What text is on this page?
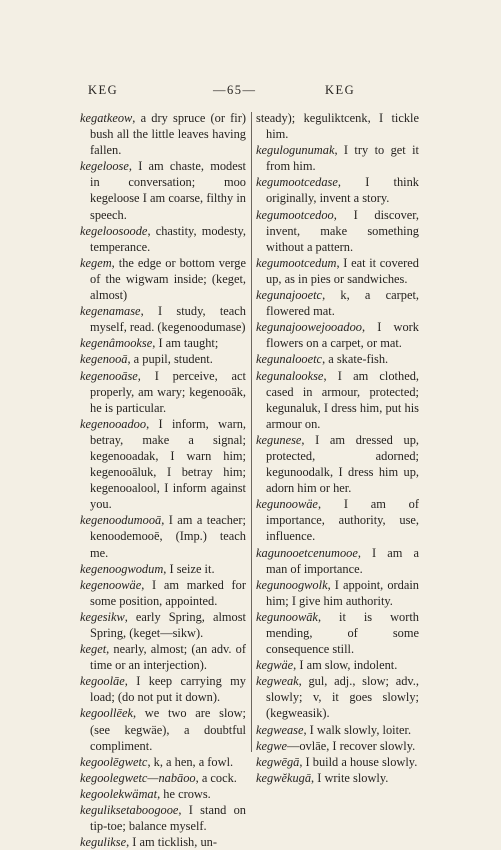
KEG	—65—	KEG

kegatkeow, a dry spruce (or fir) bush all the little leaves having fallen.

kegeloose, I am chaste, modest in conversation; moo kegeloose I am coarse, filthy in speech.

kegeloosoode, chastity, modesty, temperance.

kegem, the edge or bottom verge of the wigwam inside; (keget, almost)

kegenamase, I study, teach myself, read. (kegenoodumase)

kegenâmookse, I am taught;

kegenooā, a pupil, student.

kegenooāse, I perceive, act properly, am wary; kegenooāk, he is particular.

kegenooadoo, I inform, warn, betray, make a signal; kegenooadak, I warn him; kegenooāluk, I betray him; kegenooalool, I inform against you.

kegenoodumooā, I am a teacher; kenoodemooē, (Imp.) teach me.

kegenoogwodum, I seize it.

kegenoowäe, I am marked for some position, appointed.

kegesikw, early Spring, almost Spring, (keget—sikw).

keget, nearly, almost; (an adv. of time or an interjection).

kegoolāe, I keep carrying my load; (do not put it down).

kegoollēek, we two are slow; (see kegwäe), a doubtful compliment.

kegoolēgwetc, k, a hen, a fowl.

kegoolegwetc—nabāoo, a cock.

kegoolekwämat, he crows.

keguliksetaboogooe, I stand on tip-toe; balance myself.

kegulikse, I am ticklish, un-

steady); keguliktcenk, I tickle him.

kegulogunumak, I try to get it from him.

kegumootcedase, I think originally, invent a story.

kegumootcedoo, I discover, invent, make something without a pattern.

kegumootcedum, I eat it covered up, as in pies or sandwiches.

kegunajooetc, k, a carpet, flowered mat.

kegunajoowejooadoo, I work flowers on a carpet, or mat.

kegunalooetc, a skate-fish.

kegunalookse, I am clothed, cased in armour, protected; kegunaluk, I dress him, put his armour on.

kegunese, I am dressed up, protected, adorned; kegunoodalk, I dress him up, adorn him or her.

kegunoowäe, I am of importance, authority, use, influence.

kagunooetcenumooe, I am a man of importance.

kegunoogwolk, I appoint, ordain him; I give him authority.

kegunoowāk, it is worth mending, of some consequence still.

kegwäe, I am slow, indolent.

kegweak, gul, adj., slow; adv., slowly; v, it goes slowly; (kegweasik).

kegwease, I walk slowly, loiter.

kegwe—ovlāe, I recover slowly.

kegwēgā, I build a house slowly.

kegwĕkugā, I write slowly.
